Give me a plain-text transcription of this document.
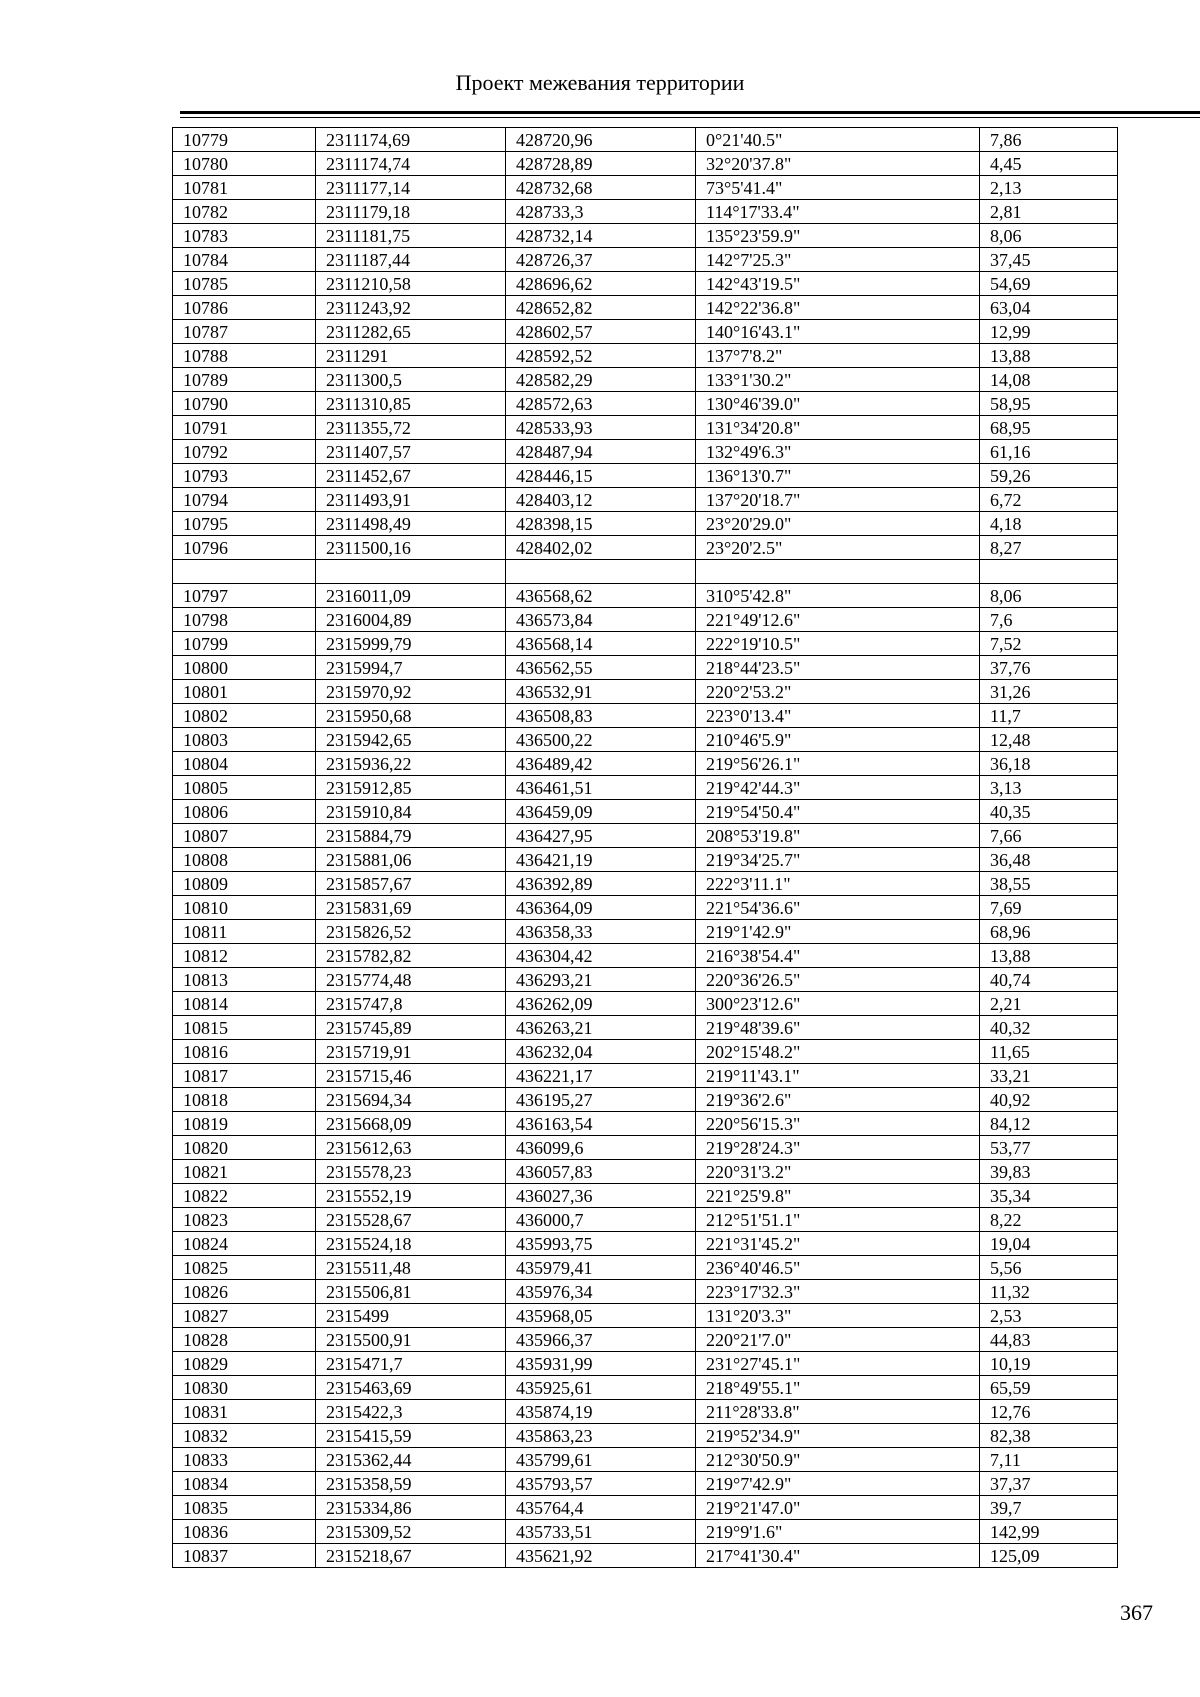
Проект межевания территории
10779	2311174,69	428720,96	0°21'40.5"	7,86
10780	2311174,74	428728,89	32°20'37.8"	4,45
10781	2311177,14	428732,68	73°5'41.4"	2,13
10782	2311179,18	428733,3	114°17'33.4"	2,81
10783	2311181,75	428732,14	135°23'59.9"	8,06
10784	2311187,44	428726,37	142°7'25.3"	37,45
10785	2311210,58	428696,62	142°43'19.5"	54,69
10786	2311243,92	428652,82	142°22'36.8"	63,04
10787	2311282,65	428602,57	140°16'43.1"	12,99
10788	2311291	428592,52	137°7'8.2"	13,88
10789	2311300,5	428582,29	133°1'30.2"	14,08
10790	2311310,85	428572,63	130°46'39.0"	58,95
10791	2311355,72	428533,93	131°34'20.8"	68,95
10792	2311407,57	428487,94	132°49'6.3"	61,16
10793	2311452,67	428446,15	136°13'0.7"	59,26
10794	2311493,91	428403,12	137°20'18.7"	6,72
10795	2311498,49	428398,15	23°20'29.0"	4,18
10796	2311500,16	428402,02	23°20'2.5"	8,27

10797	2316011,09	436568,62	310°5'42.8"	8,06
10798	2316004,89	436573,84	221°49'12.6"	7,6
10799	2315999,79	436568,14	222°19'10.5"	7,52
10800	2315994,7	436562,55	218°44'23.5"	37,76
10801	2315970,92	436532,91	220°2'53.2"	31,26
10802	2315950,68	436508,83	223°0'13.4"	11,7
10803	2315942,65	436500,22	210°46'5.9"	12,48
10804	2315936,22	436489,42	219°56'26.1"	36,18
10805	2315912,85	436461,51	219°42'44.3"	3,13
10806	2315910,84	436459,09	219°54'50.4"	40,35
10807	2315884,79	436427,95	208°53'19.8"	7,66
10808	2315881,06	436421,19	219°34'25.7"	36,48
10809	2315857,67	436392,89	222°3'11.1"	38,55
10810	2315831,69	436364,09	221°54'36.6"	7,69
10811	2315826,52	436358,33	219°1'42.9"	68,96
10812	2315782,82	436304,42	216°38'54.4"	13,88
10813	2315774,48	436293,21	220°36'26.5"	40,74
10814	2315747,8	436262,09	300°23'12.6"	2,21
10815	2315745,89	436263,21	219°48'39.6"	40,32
10816	2315719,91	436232,04	202°15'48.2"	11,65
10817	2315715,46	436221,17	219°11'43.1"	33,21
10818	2315694,34	436195,27	219°36'2.6"	40,92
10819	2315668,09	436163,54	220°56'15.3"	84,12
10820	2315612,63	436099,6	219°28'24.3"	53,77
10821	2315578,23	436057,83	220°31'3.2"	39,83
10822	2315552,19	436027,36	221°25'9.8"	35,34
10823	2315528,67	436000,7	212°51'51.1"	8,22
10824	2315524,18	435993,75	221°31'45.2"	19,04
10825	2315511,48	435979,41	236°40'46.5"	5,56
10826	2315506,81	435976,34	223°17'32.3"	11,32
10827	2315499	435968,05	131°20'3.3"	2,53
10828	2315500,91	435966,37	220°21'7.0"	44,83
10829	2315471,7	435931,99	231°27'45.1"	10,19
10830	2315463,69	435925,61	218°49'55.1"	65,59
10831	2315422,3	435874,19	211°28'33.8"	12,76
10832	2315415,59	435863,23	219°52'34.9"	82,38
10833	2315362,44	435799,61	212°30'50.9"	7,11
10834	2315358,59	435793,57	219°7'42.9"	37,37
10835	2315334,86	435764,4	219°21'47.0"	39,7
10836	2315309,52	435733,51	219°9'1.6"	142,99
10837	2315218,67	435621,92	217°41'30.4"	125,09
367
